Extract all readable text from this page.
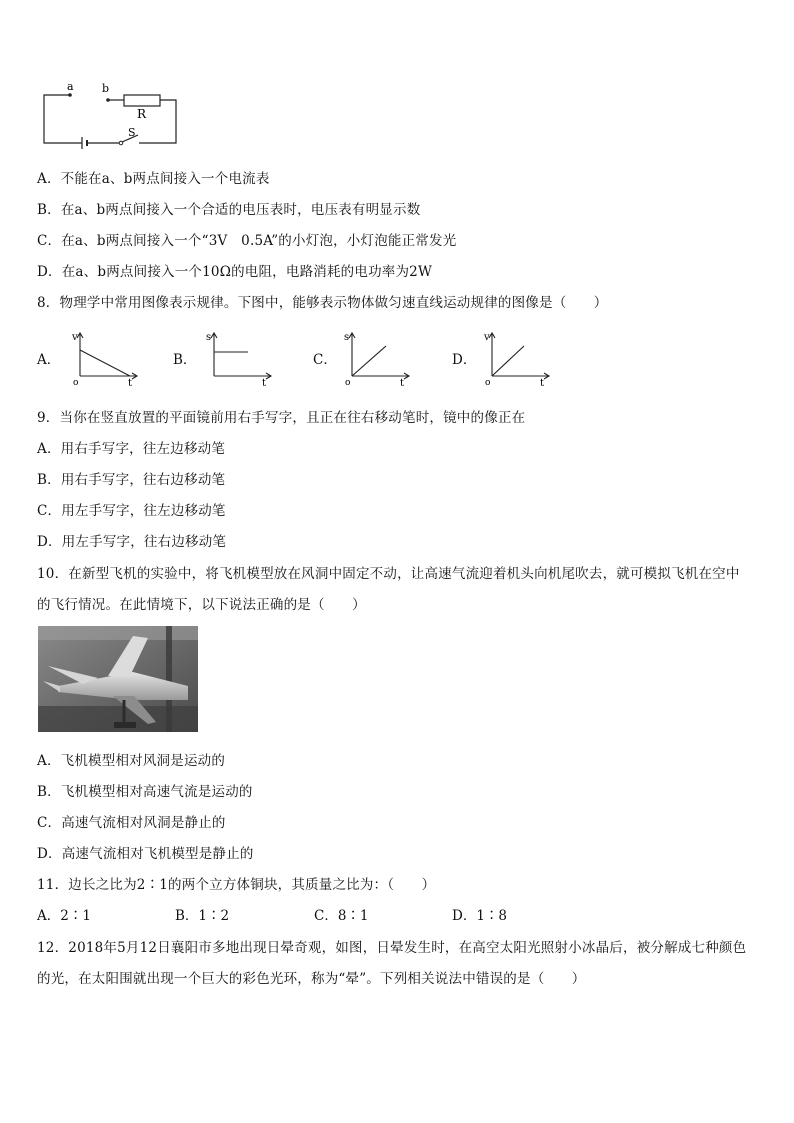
a	b
R
S
A．不能在a、b两点间接入一个电流表
B．在a、b两点间接入一个合适的电压表时，电压表有明显示数
C．在a、b两点间接入一个“3V　0.5A”的小灯泡，小灯泡能正常发光
D．在a、b两点间接入一个10Ω的电阻，电路消耗的电功率为2W
8．物理学中常用图像表示规律。下图中，能够表示物体做匀速直线运动规律的图像是（　　）
A．
v
t
o
B．
s
t
C．
s
t
o
D．
v
t
o
9．当你在竖直放置的平面镜前用右手写字，且正在往右移动笔时，镜中的像正在
A．用右手写字，往左边移动笔
B．用右手写字，往右边移动笔
C．用左手写字，往左边移动笔
D．用左手写字，往右边移动笔
10．在新型飞机的实验中，将飞机模型放在风洞中固定不动，让高速气流迎着机头向机尾吹去，就可模拟飞机在空中
的飞行情况。在此情境下，以下说法正确的是（　　）
A．飞机模型相对风洞是运动的
B．飞机模型相对高速气流是运动的
C．高速气流相对风洞是静止的
D．高速气流相对飞机模型是静止的
11．边长之比为2∶1的两个立方体铜块，其质量之比为：（　　）
A．2∶1	B．1∶2	C．8∶1	D．1∶8
12．2018年5月12日襄阳市多地出现日晕奇观，如图，日晕发生时，在高空太阳光照射小冰晶后，被分解成七种颜色
的光，在太阳围就出现一个巨大的彩色光环，称为“晕”。下列相关说法中错误的是（　　）
